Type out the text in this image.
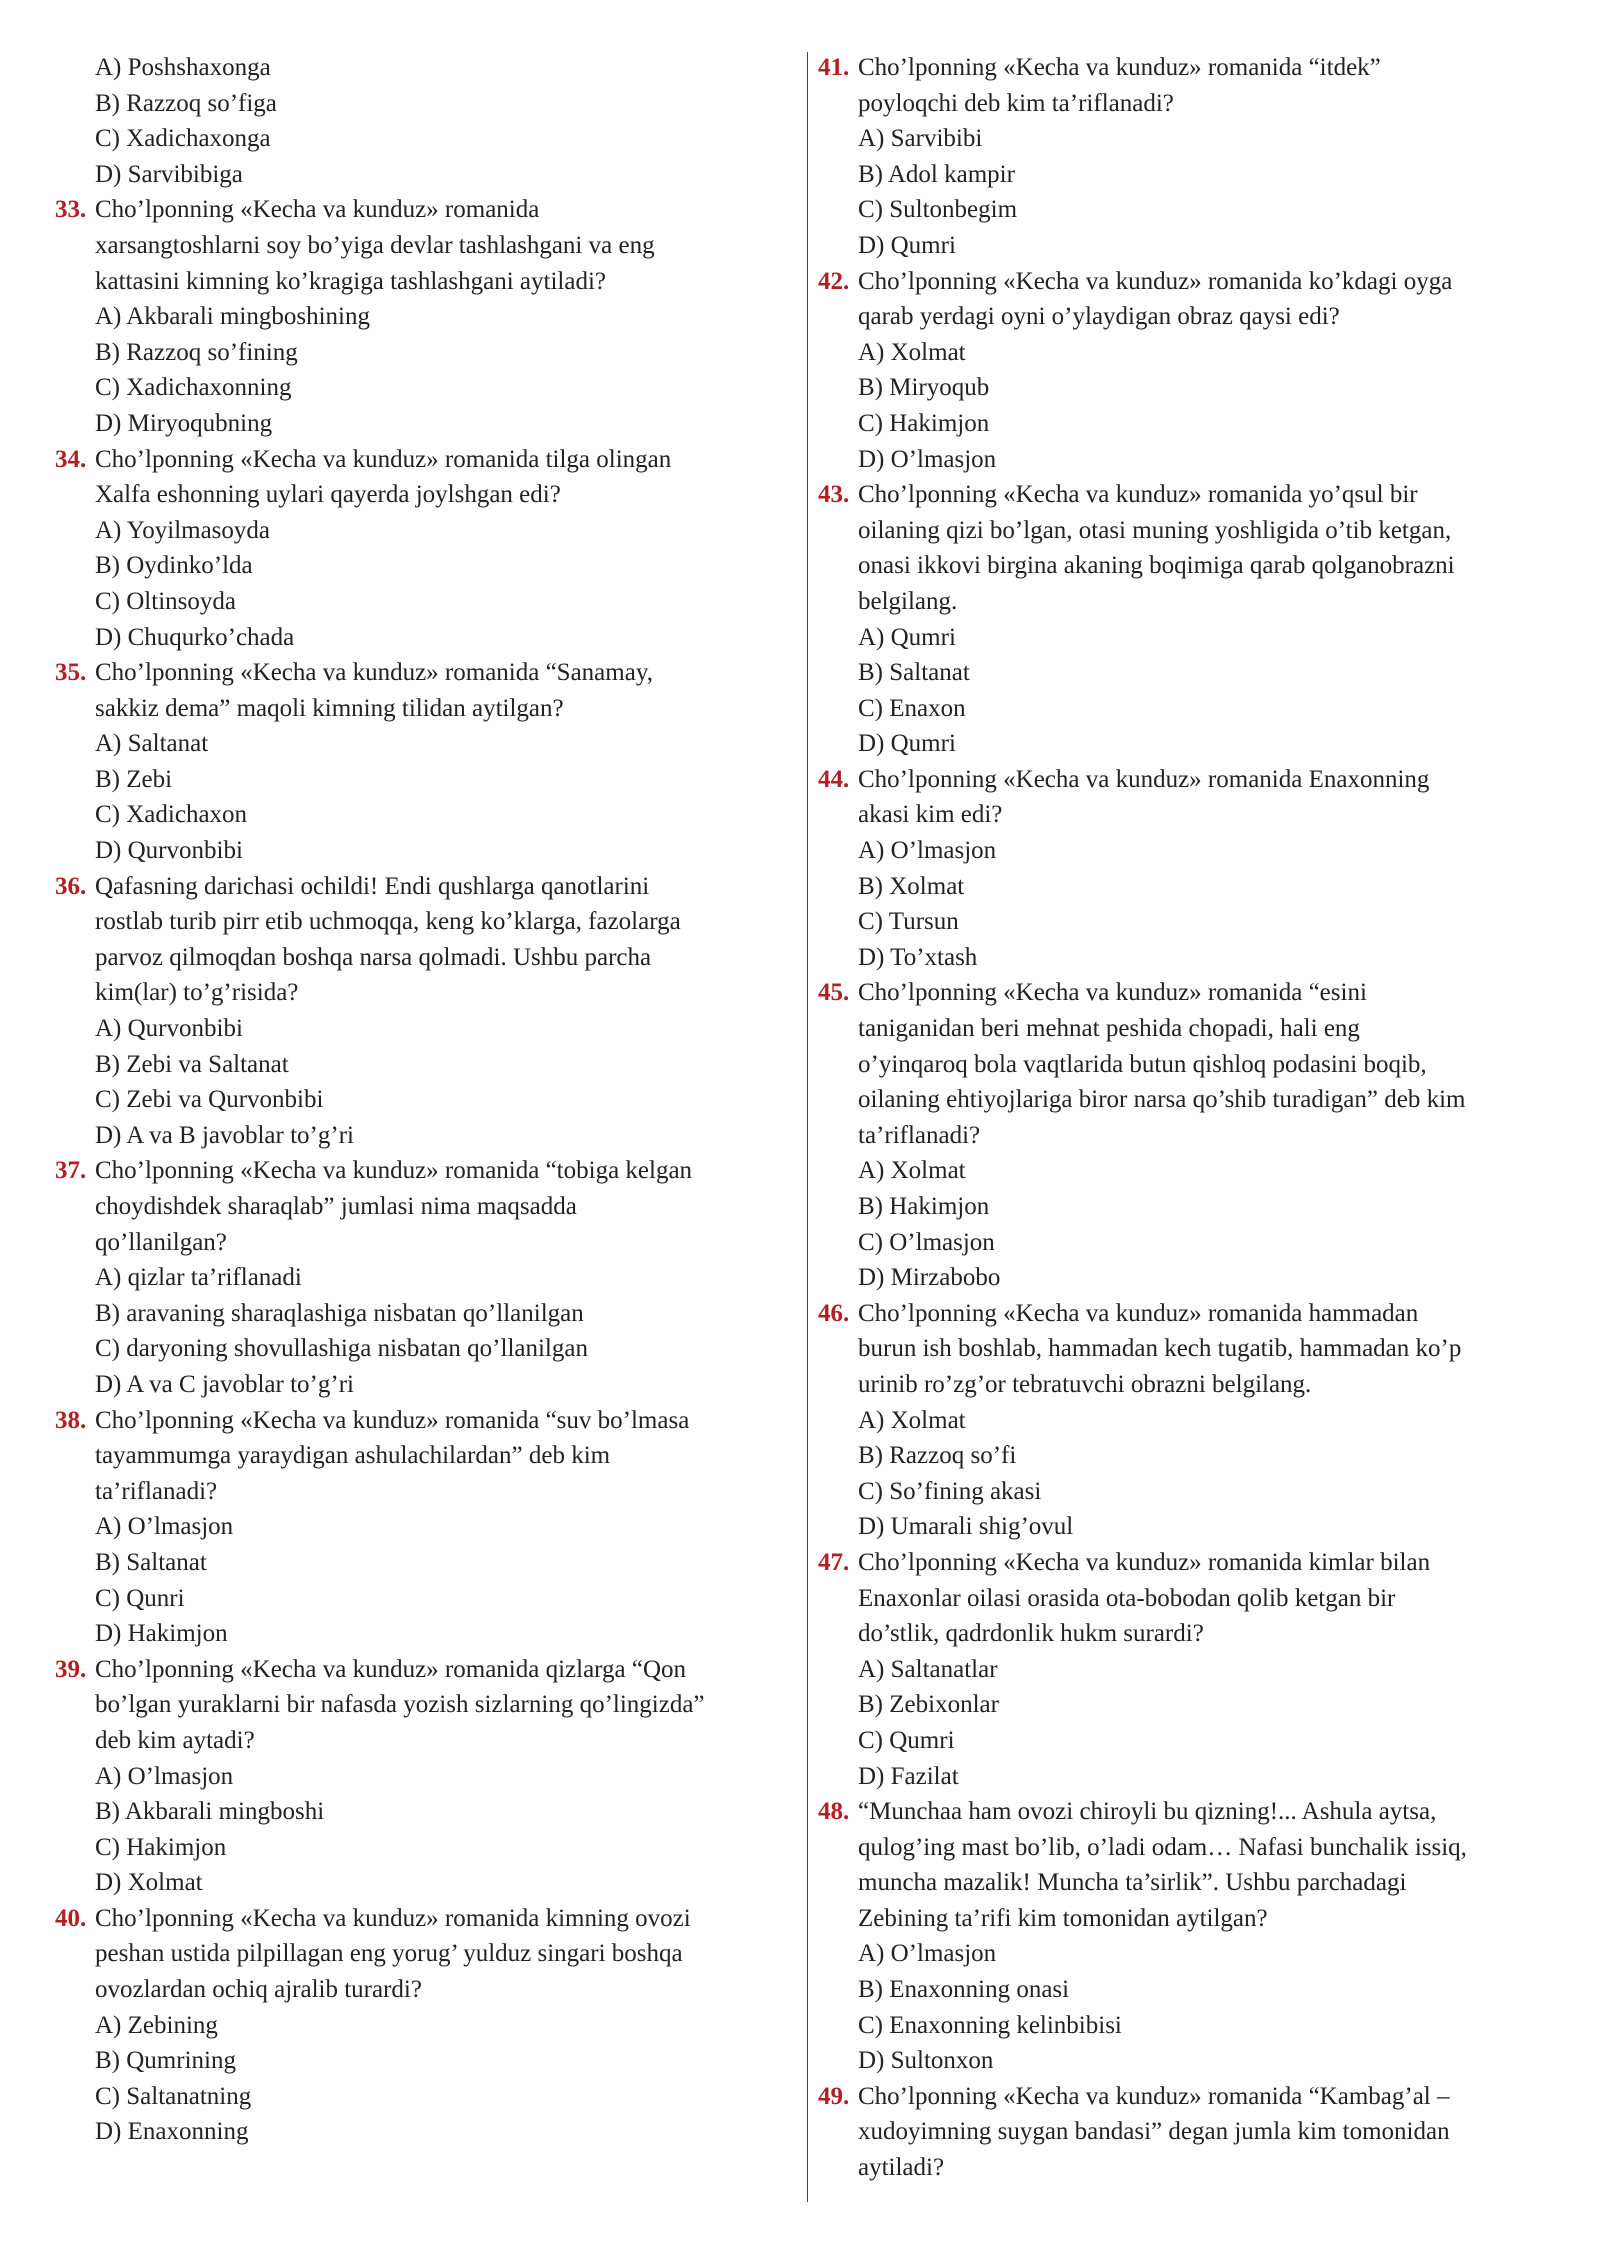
A) Poshshaxonga
B) Razzoq so’figa
C) Xadichaxonga
D) Sarvibibiga
33. Cho’lponning «Kecha va kunduz» romanida
xarsangtoshlarni soy bo’yiga devlar tashlashgani va eng
kattasini kimning ko’kragiga tashlashgani aytiladi?
A) Akbarali mingboshining
B) Razzoq so’fining
C) Xadichaxonning
D) Miryoqubning
34. Cho’lponning «Kecha va kunduz» romanida tilga olingan
Xalfa eshonning uylari qayerda joylshgan edi?
A) Yoyilmasoyda
B) Oydinko’lda
C) Oltinsoyda
D) Chuqurko’chada
35. Cho’lponning «Kecha va kunduz» romanida “Sanamay,
sakkiz dema” maqoli kimning tilidan aytilgan?
A) Saltanat
B) Zebi
C) Xadichaxon
D) Qurvonbibi
36. Qafasning darichasi ochildi! Endi qushlarga qanotlarini
rostlab turib pirr etib uchmoqqa, keng ko’klarga, fazolarga
parvoz qilmoqdan boshqa narsa qolmadi. Ushbu parcha
kim(lar) to’g’risida?
A) Qurvonbibi
B) Zebi va Saltanat
C) Zebi va Qurvonbibi
D) A va B javoblar to’g’ri
37. Cho’lponning «Kecha va kunduz» romanida “tobiga kelgan
choydishdek sharaqlab” jumlasi nima maqsadda
qo’llanilgan?
A) qizlar ta’riflanadi
B) aravaning sharaqlashiga nisbatan qo’llanilgan
C) daryoning shovullashiga nisbatan qo’llanilgan
D) A va C javoblar to’g’ri
38. Cho’lponning «Kecha va kunduz» romanida “suv bo’lmasa
tayammumga yaraydigan ashulachilardan” deb kim
ta’riflanadi?
A) O’lmasjon
B) Saltanat
C) Qunri
D) Hakimjon
39. Cho’lponning «Kecha va kunduz» romanida qizlarga “Qon
bo’lgan yuraklarni bir nafasda yozish sizlarning qo’lingizda”
deb kim aytadi?
A) O’lmasjon
B) Akbarali mingboshi
C) Hakimjon
D) Xolmat
40. Cho’lponning «Kecha va kunduz» romanida kimning ovozi
peshan ustida pilpillagan eng yorug’ yulduz singari boshqa
ovozlardan ochiq ajralib turardi?
A) Zebining
B) Qumrining
C) Saltanatning
D) Enaxonning
41. Cho’lponning «Kecha va kunduz» romanida “itdek”
poyloqchi deb kim ta’riflanadi?
A) Sarvibibi
B) Adol kampir
C) Sultonbegim
D) Qumri
42. Cho’lponning «Kecha va kunduz» romanida ko’kdagi oyga
qarab yerdagi oyni o’ylaydigan obraz qaysi edi?
A) Xolmat
B) Miryoqub
C) Hakimjon
D) O’lmasjon
43. Cho’lponning «Kecha va kunduz» romanida yo’qsul bir
oilaning qizi bo’lgan, otasi muning yoshligida o’tib ketgan,
onasi ikkovi birgina akaning boqimiga qarab qolganobrazni
belgilang.
A) Qumri
B) Saltanat
C) Enaxon
D) Qumri
44. Cho’lponning «Kecha va kunduz» romanida Enaxonning
akasi kim edi?
A) O’lmasjon
B) Xolmat
C) Tursun
D) To’xtash
45. Cho’lponning «Kecha va kunduz» romanida “esini
taniganidan beri mehnat peshida chopadi, hali eng
o’yinqaroq bola vaqtlarida butun qishloq podasini boqib,
oilaning ehtiyojlariga biror narsa qo’shib turadigan” deb kim
ta’riflanadi?
A) Xolmat
B) Hakimjon
C) O’lmasjon
D) Mirzabobo
46. Cho’lponning «Kecha va kunduz» romanida hammadan
burun ish boshlab, hammadan kech tugatib, hammadan ko’p
urinib ro’zg’or tebratuvchi obrazni belgilang.
A) Xolmat
B) Razzoq so’fi
C) So’fining akasi
D) Umarali shig’ovul
47. Cho’lponning «Kecha va kunduz» romanida kimlar bilan
Enaxonlar oilasi orasida ota-bobodan qolib ketgan bir
do’stlik, qadrdonlik hukm surardi?
A) Saltanatlar
B) Zebixonlar
C) Qumri
D) Fazilat
48. “Munchaa ham ovozi chiroyli bu qizning!... Ashula aytsa,
qulog’ing mast bo’lib, o’ladi odam… Nafasi bunchalik issiq,
muncha mazalik! Muncha ta’sirlik”. Ushbu parchadagi
Zebining ta’rifi kim tomonidan aytilgan?
A) O’lmasjon
B) Enaxonning onasi
C) Enaxonning kelinbibisi
D) Sultonxon
49. Cho’lponning «Kecha va kunduz» romanida “Kambag’al –
xudoyimning suygan bandasi” degan jumla kim tomonidan
aytiladi?
